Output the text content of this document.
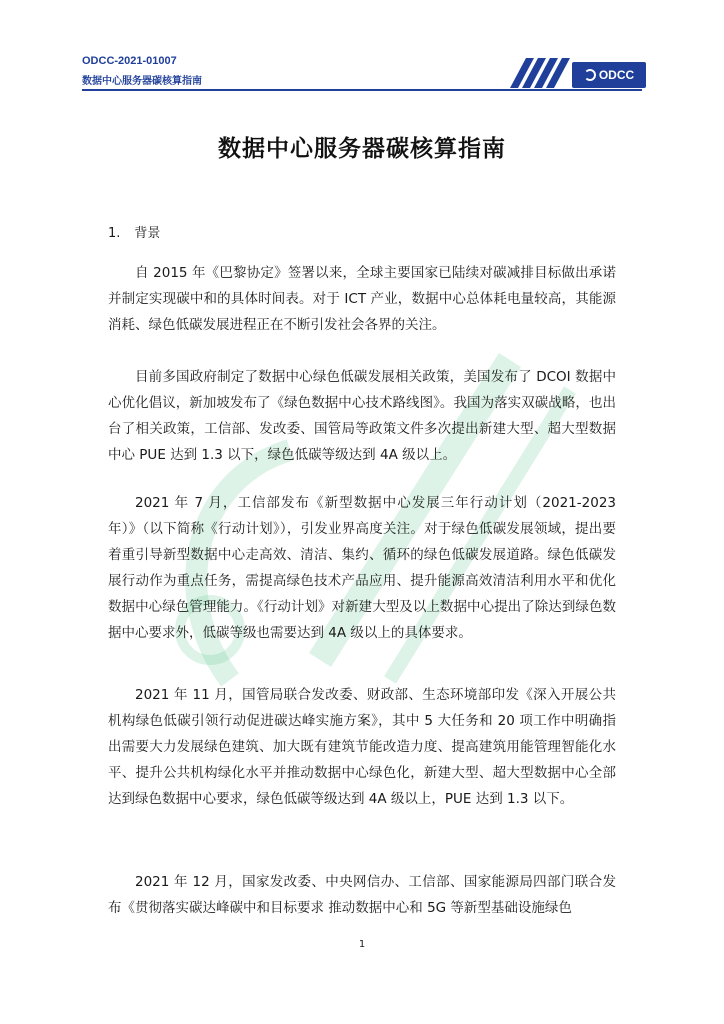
ODCC-2021-01007
数据中心服务器碳核算指南	ODCC
数据中心服务器碳核算指南
1. 背景

自 2015 年《巴黎协定》签署以来，全球主要国家已陆续对碳减排目标做出承诺并制定实现碳中和的具体时间表。对于 ICT 产业，数据中心总体耗电量较高，其能源消耗、绿色低碳发展进程正在不断引发社会各界的关注。

目前多国政府制定了数据中心绿色低碳发展相关政策，美国发布了 DCOI 数据中心优化倡议，新加坡发布了《绿色数据中心技术路线图》。我国为落实双碳战略，也出台了相关政策，工信部、发改委、国管局等政策文件多次提出新建大型、超大型数据中心 PUE 达到 1.3 以下，绿色低碳等级达到 4A 级以上。

2021 年 7 月，工信部发布《新型数据中心发展三年行动计划（2021-2023 年）》（以下简称《行动计划》），引发业界高度关注。对于绿色低碳发展领域，提出要着重引导新型数据中心走高效、清洁、集约、循环的绿色低碳发展道路。绿色低碳发展行动作为重点任务，需提高绿色技术产品应用、提升能源高效清洁利用水平和优化数据中心绿色管理能力。《行动计划》对新建大型及以上数据中心提出了除达到绿色数据中心要求外，低碳等级也需要达到 4A 级以上的具体要求。

2021 年 11 月，国管局联合发改委、财政部、生态环境部印发《深入开展公共机构绿色低碳引领行动促进碳达峰实施方案》，其中 5 大任务和 20 项工作中明确指出需要大力发展绿色建筑、加大既有建筑节能改造力度、提高建筑用能管理智能化水平、提升公共机构绿化水平并推动数据中心绿色化，新建大型、超大型数据中心全部达到绿色数据中心要求，绿色低碳等级达到 4A 级以上，PUE 达到 1.3 以下。

2021 年 12 月，国家发改委、中央网信办、工信部、国家能源局四部门联合发布《贯彻落实碳达峰碳中和目标要求 推动数据中心和 5G 等新型基础设施绿色

1
